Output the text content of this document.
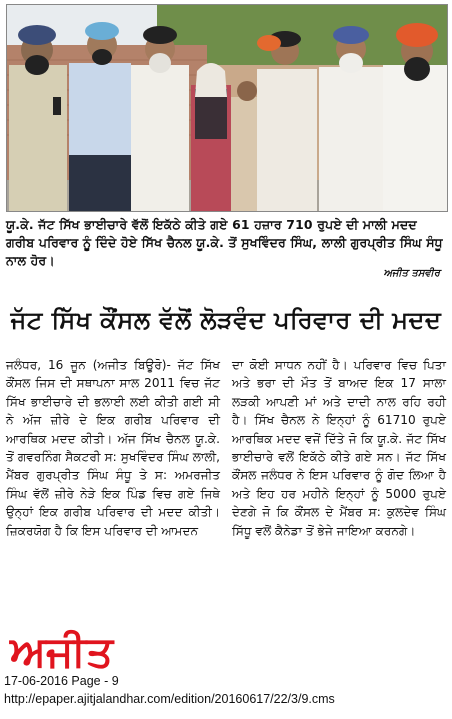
ਯੂ.ਕੇ. ਜੱਟ ਸਿੱਖ ਭਾਈਚਾਰੇ ਵੱਲੋਂ ਇਕੱਠੇ ਕੀਤੇ ਗਏ 61 ਹਜ਼ਾਰ 710 ਰੁਪਏ ਦੀ ਮਾਲੀ ਮਦਦ ਗਰੀਬ ਪਰਿਵਾਰ ਨੂੰ ਦਿੰਦੇ ਹੋਏ ਸਿੱਖ ਚੈਨਲ ਯੂ.ਕੇ. ਤੋਂ ਸੁਖਵਿੰਦਰ ਸਿੰਘ, ਲਾਲੀ ਗੁਰਪ੍ਰੀਤ ਸਿੰਘ ਸੰਧੂ ਨਾਲ ਹੋਰ।
ਅਜੀਤ ਤਸਵੀਰ
ਜੱਟ ਸਿੱਖ ਕੌਂਸਲ ਵੱਲੋਂ ਲੋੜਵੰਦ ਪਰਿਵਾਰ ਦੀ ਮਦਦ
ਜਲੰਧਰ, 16 ਜੂਨ (ਅਜੀਤ ਬਿਊਰੋ)- ਜੱਟ ਸਿੱਖ ਕੌਂਸਲ ਜਿਸ ਦੀ ਸਥਾਪਨਾ ਸਾਲ 2011 ਵਿਚ ਜੱਟ ਸਿੱਖ ਭਾਈਚਾਰੇ ਦੀ ਭਲਾਈ ਲਈ ਕੀਤੀ ਗਈ ਸੀ ਨੇ ਅੱਜ ਜ਼ੀਰੇ ਦੇ ਇਕ ਗਰੀਬ ਪਰਿਵਾਰ ਦੀ ਆਰਥਿਕ ਮਦਦ ਕੀਤੀ। ਅੱਜ ਸਿੱਖ ਚੈਨਲ ਯੂ.ਕੇ. ਤੋਂ ਗਵਰਨਿੰਗ ਸੈਕਟਰੀ ਸ: ਸੁਖਵਿੰਦਰ ਸਿੰਘ ਲਾਲੀ, ਮੈਂਬਰ ਗੁਰਪ੍ਰੀਤ ਸਿੰਘ ਸੰਧੂ ਤੇ ਸ: ਅਮਰਜੀਤ ਸਿੰਘ ਵੱਲੋਂ ਜ਼ੀਰੇ ਨੇੜੇ ਇਕ ਪਿੰਡ ਵਿਚ ਗਏ ਜਿਥੇ ਉਨ੍ਹਾਂ ਇਕ ਗਰੀਬ ਪਰਿਵਾਰ ਦੀ ਮਦਦ ਕੀਤੀ। ਜ਼ਿਕਰਯੋਗ ਹੈ ਕਿ ਇਸ ਪਰਿਵਾਰ ਦੀ ਆਮਦਨ
ਦਾ ਕੋਈ ਸਾਧਨ ਨਹੀਂ ਹੈ। ਪਰਿਵਾਰ ਵਿਚ ਪਿਤਾ ਅਤੇ ਭਰਾ ਦੀ ਮੌਤ ਤੋਂ ਬਾਅਦ ਇਕ 17 ਸਾਲਾ ਲੜਕੀ ਆਪਣੀ ਮਾਂ ਅਤੇ ਦਾਦੀ ਨਾਲ ਰਹਿ ਰਹੀ ਹੈ। ਸਿੱਖ ਚੈਨਲ ਨੇ ਇਨ੍ਹਾਂ ਨੂੰ 61710 ਰੁਪਏ ਆਰਥਿਕ ਮਦਦ ਵਜੋਂ ਦਿੱਤੇ ਜੋ ਕਿ ਯੂ.ਕੇ. ਜੱਟ ਸਿੱਖ ਭਾਈਚਾਰੇ ਵਲੋਂ ਇਕੱਠੇ ਕੀਤੇ ਗਏ ਸਨ। ਜੱਟ ਸਿੱਖ ਕੌਂਸਲ ਜਲੰਧਰ ਨੇ ਇਸ ਪਰਿਵਾਰ ਨੂੰ ਗੋਦ ਲਿਆ ਹੈ ਅਤੇ ਇਹ ਹਰ ਮਹੀਨੇ ਇਨ੍ਹਾਂ ਨੂੰ 5000 ਰੁਪਏ ਦੇਣਗੇ ਜੋ ਕਿ ਕੌਂਸਲ ਦੇ ਮੈਂਬਰ ਸ: ਕੁਲਦੇਵ ਸਿੰਘ ਸਿੱਧੂ ਵਲੋਂ ਕੈਨੇਡਾ ਤੋਂ ਭੇਜੇ ਜਾਇਆ ਕਰਨਗੇ।
ਅਜੀਤ
17-06-2016 Page - 9
http://epaper.ajitjalandhar.com/edition/20160617/22/3/9.cms
